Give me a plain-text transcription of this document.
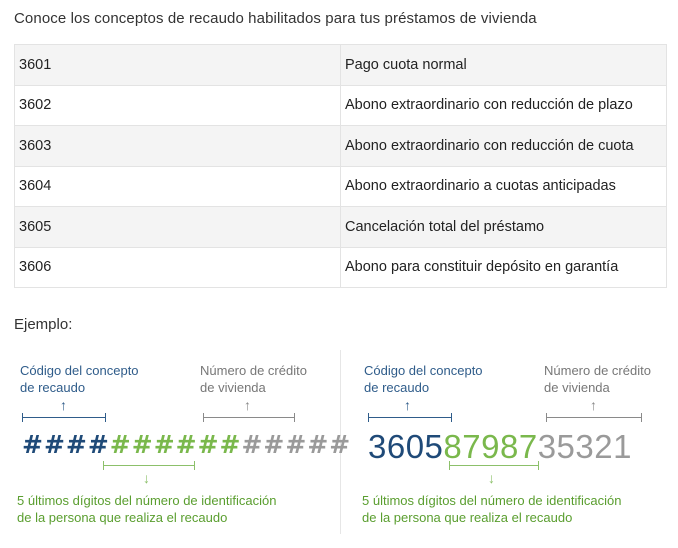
Conoce los conceptos de recaudo habilitados para tus préstamos de vivienda
3601	Pago cuota normal
3602	Abono extraordinario con reducción de plazo
3603	Abono extraordinario con reducción de cuota
3604	Abono extraordinario a cuotas anticipadas
3605	Cancelación total del préstamo
3606	Abono para constituir depósito en garantía
Ejemplo:
Código del concepto
de recaudo
Número de crédito
de vivienda
↑	↑
###############
↓
5 últimos dígitos del número de identificación
de la persona que realiza el recaudo
Código del concepto
de recaudo
Número de crédito
de vivienda
↑	↑
36058798735321
↓
5 últimos dígitos del número de identificación
de la persona que realiza el recaudo
